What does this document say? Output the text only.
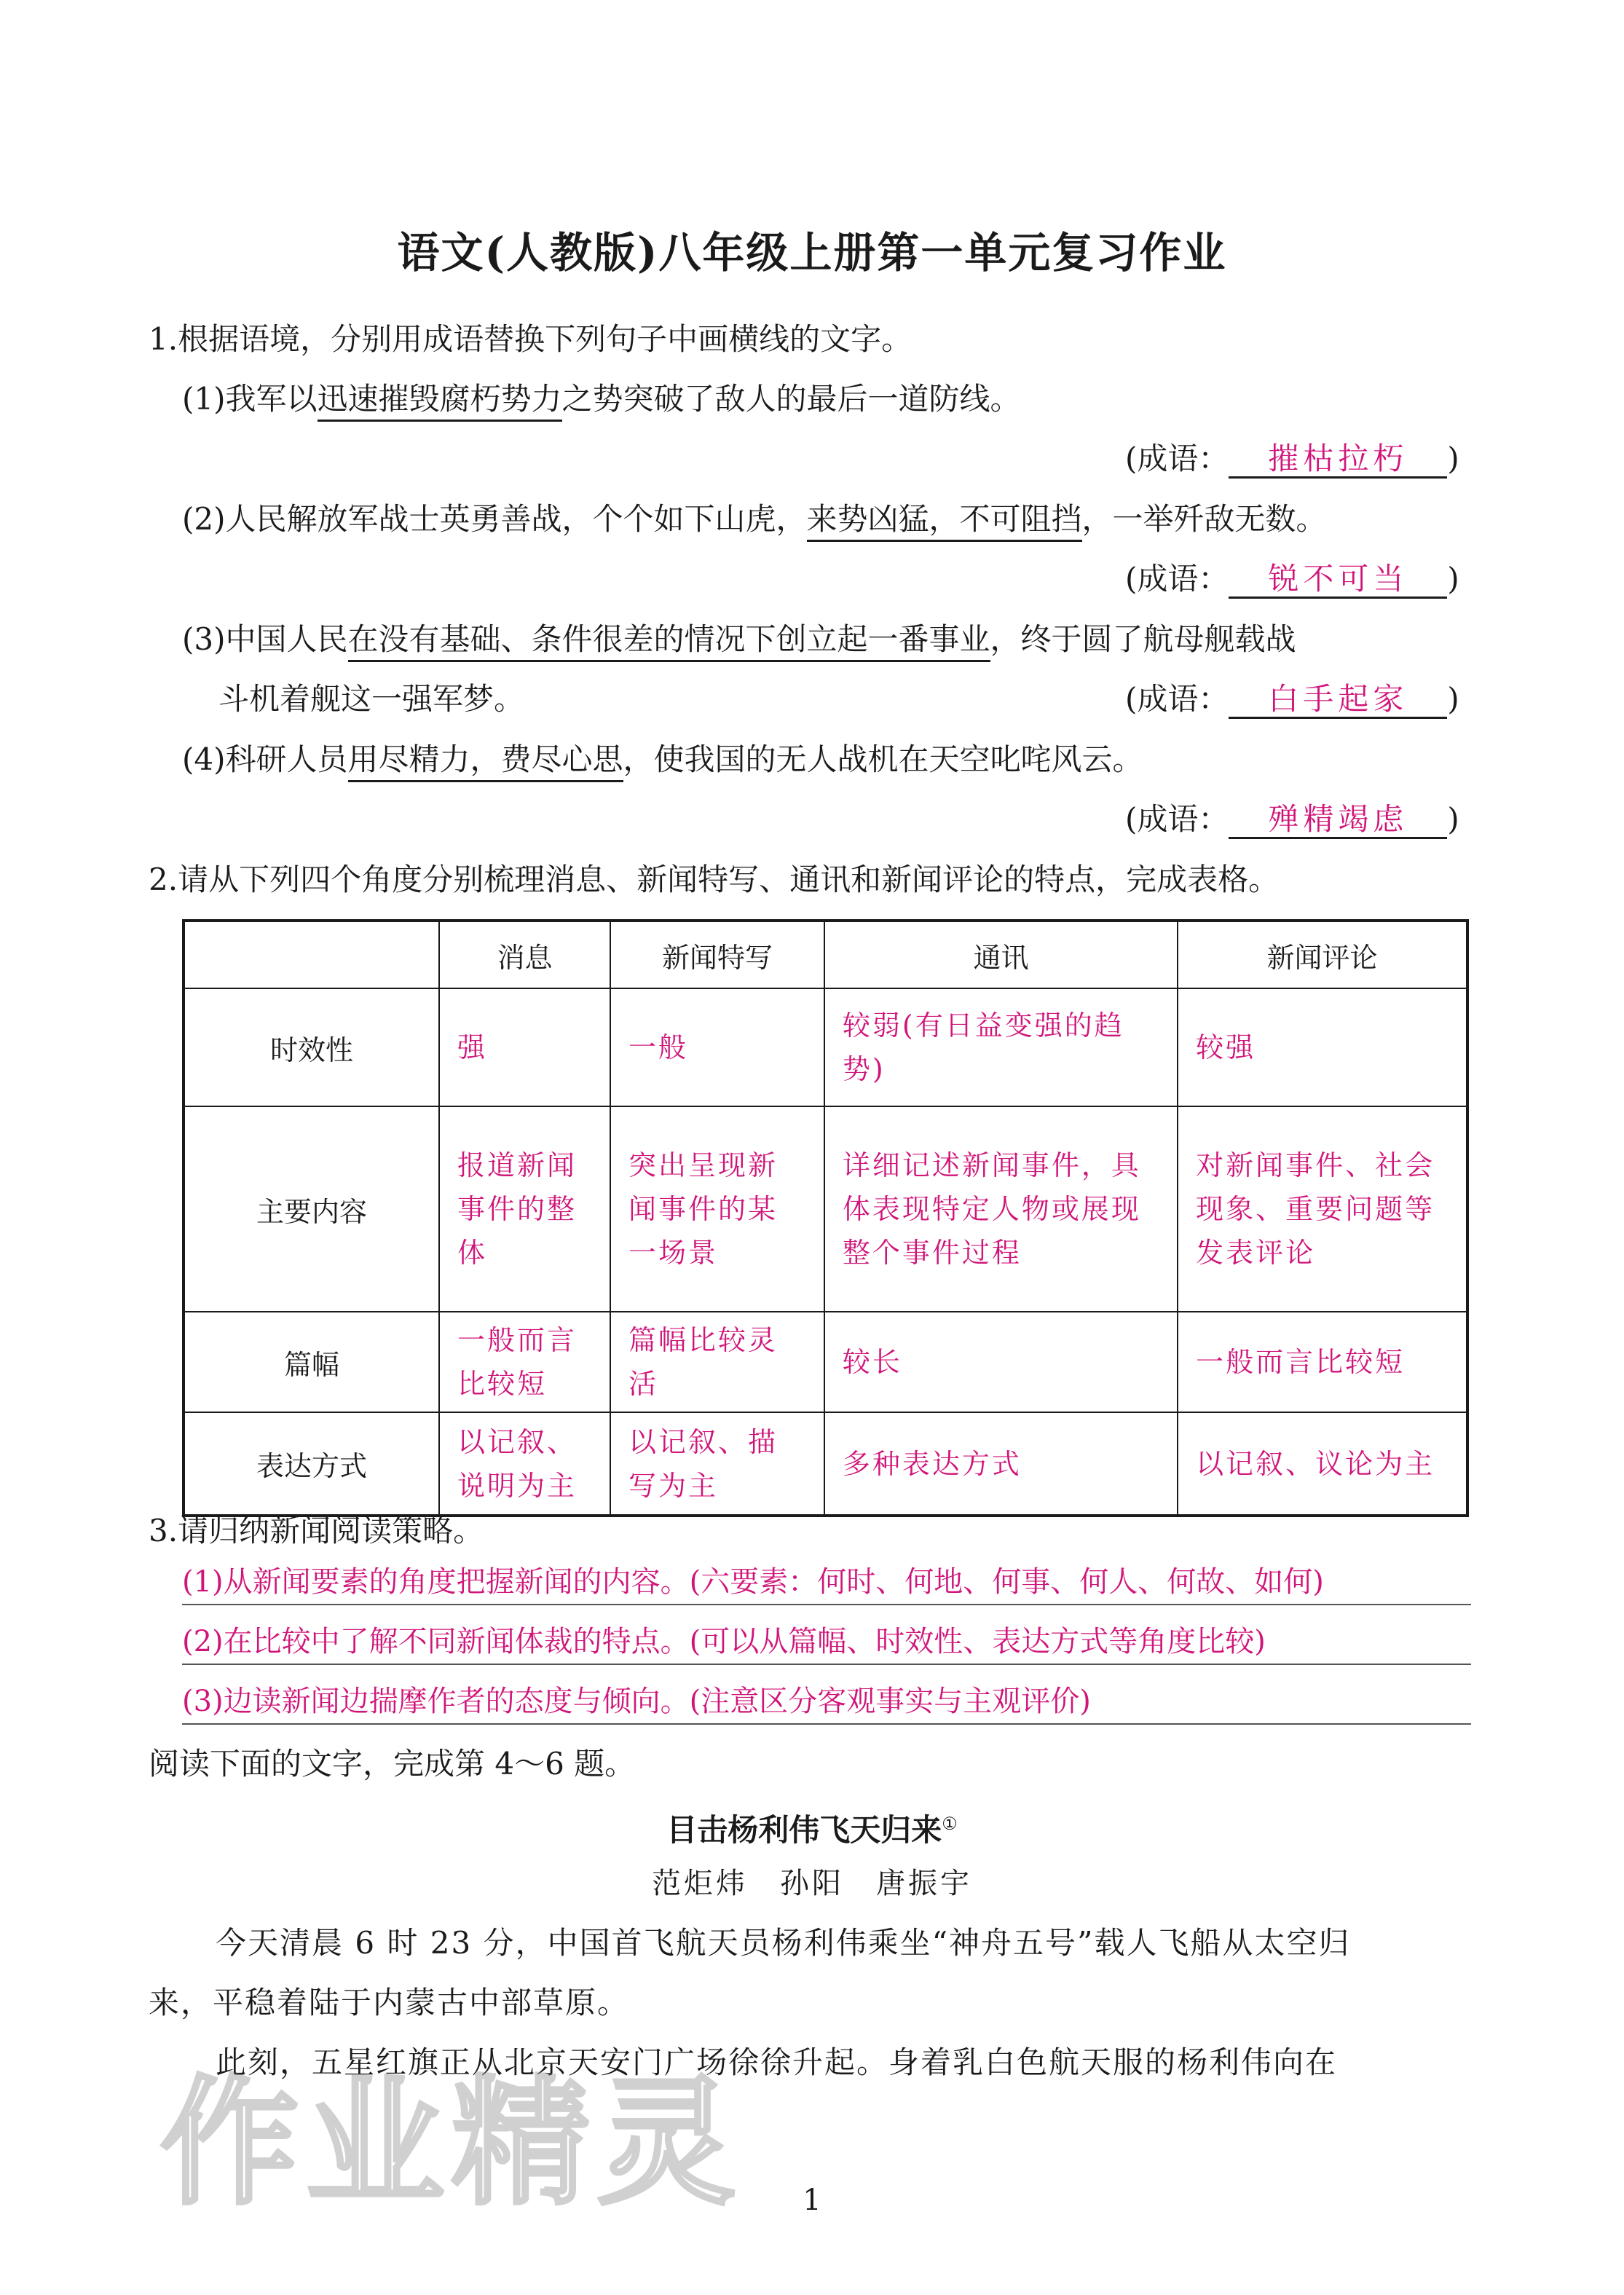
语文(人教版)八年级上册第一单元复习作业
1.根据语境，分别用成语替换下列句子中画横线的文字。
(1)我军以迅速摧毁腐朽势力之势突破了敌人的最后一道防线。
(成语： 摧枯拉朽 )
(2)人民解放军战士英勇善战，个个如下山虎，来势凶猛，不可阻挡，一举歼敌无数。
(成语： 锐不可当 )
(3)中国人民在没有基础、条件很差的情况下创立起一番事业，终于圆了航母舰载战
斗机着舰这一强军梦。	(成语： 白手起家 )
(4)科研人员用尽精力，费尽心思，使我国的无人战机在天空叱咤风云。
(成语： 殚精竭虑 )
2.请从下列四个角度分别梳理消息、新闻特写、通讯和新闻评论的特点，完成表格。
	消息	新闻特写	通讯	新闻评论
时效性	强	一般	较弱(有日益变强的趋势)	较强
主要内容	报道新闻事件的整体	突出呈现新闻事件的某一场景	详细记述新闻事件，具体表现特定人物或展现整个事件过程	对新闻事件、社会现象、重要问题等发表评论
篇幅	一般而言比较短	篇幅比较灵活	较长	一般而言比较短
表达方式	以记叙、说明为主	以记叙、描写为主	多种表达方式	以记叙、议论为主
3.请归纳新闻阅读策略。
(1)从新闻要素的角度把握新闻的内容。(六要素：何时、何地、何事、何人、何故、如何)
(2)在比较中了解不同新闻体裁的特点。(可以从篇幅、时效性、表达方式等角度比较)
(3)边读新闻边揣摩作者的态度与倾向。(注意区分客观事实与主观评价)
阅读下面的文字，完成第 4～6 题。
目击杨利伟飞天归来①
范炬炜　孙阳　唐振宇
今天清晨 6 时 23 分，中国首飞航天员杨利伟乘坐“神舟五号”载人飞船从太空归
来，平稳着陆于内蒙古中部草原。
此刻，五星红旗正从北京天安门广场徐徐升起。身着乳白色航天服的杨利伟向在
作业精灵	1
